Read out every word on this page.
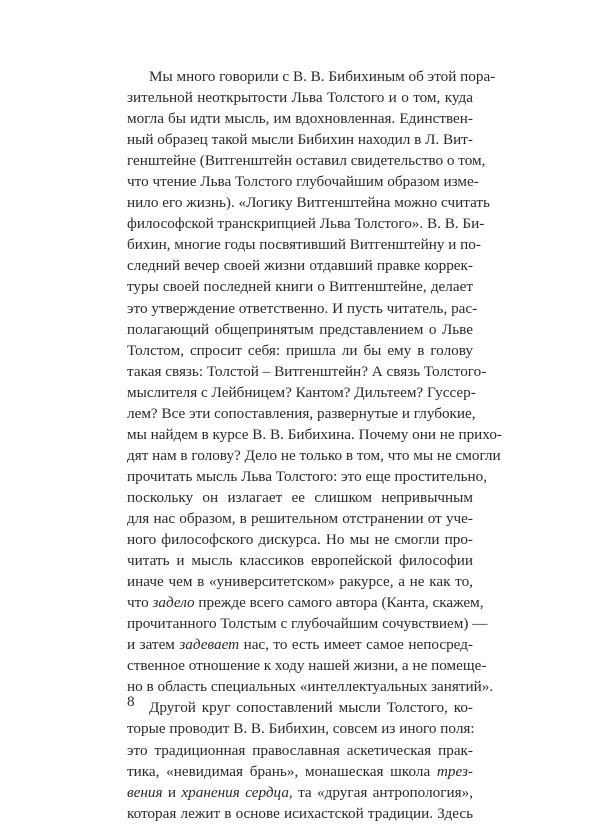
Мы много говорили с В. В. Бибихиным об этой пора-
зительной неоткрытости Льва Толстого и о том, куда
могла бы идти мысль, им вдохновленная. Единствен-
ный образец такой мысли Бибихин находил в Л. Вит-
генштейне (Витгенштейн оставил свидетельство о том,
что чтение Льва Толстого глубочайшим образом изме-
нило его жизнь). «Логику Витгенштейна можно считать
философской транскрипцией Льва Толстого». В. В. Би-
бихин, многие годы посвятивший Витгенштейну и по-
следний вечер своей жизни отдавший правке коррек-
туры своей последней книги о Витгенштейне, делает
это утверждение ответственно. И пусть читатель, рас-
полагающий общепринятым представлением о Льве
Толстом, спросит себя: пришла ли бы ему в голову
такая связь: Толстой – Витгенштейн? А связь Толстого-
мыслителя с Лейбницем? Кантом? Дильтеем? Гуссер-
лем? Все эти сопоставления, развернутые и глубокие,
мы найдем в курсе В. В. Бибихина. Почему они не прихо-
дят нам в голову? Дело не только в том, что мы не смогли
прочитать мысль Льва Толстого: это еще простительно,
поскольку он излагает ее слишком непривычным
для нас образом, в решительном отстранении от уче-
ного философского дискурса. Но мы не смогли про-
читать и мысль классиков европейской философии
иначе чем в «университетском» ракурсе, а не как то,
что задело прежде всего самого автора (Канта, скажем,
прочитанного Толстым с глубочайшим сочувствием) —
и затем задевает нас, то есть имеет самое непосред-
ственное отношение к ходу нашей жизни, а не помеще-
но в область специальных «интеллектуальных занятий».
Другой круг сопоставлений мысли Толстого, ко-
торые проводит В. В. Бибихин, совсем из иного поля:
это традиционная православная аскетическая прак-
тика, «невидимая брань», монашеская школа трез-
вения и хранения сердца, та «другая антропология»,
которая лежит в основе исихастской традиции. Здесь
8
